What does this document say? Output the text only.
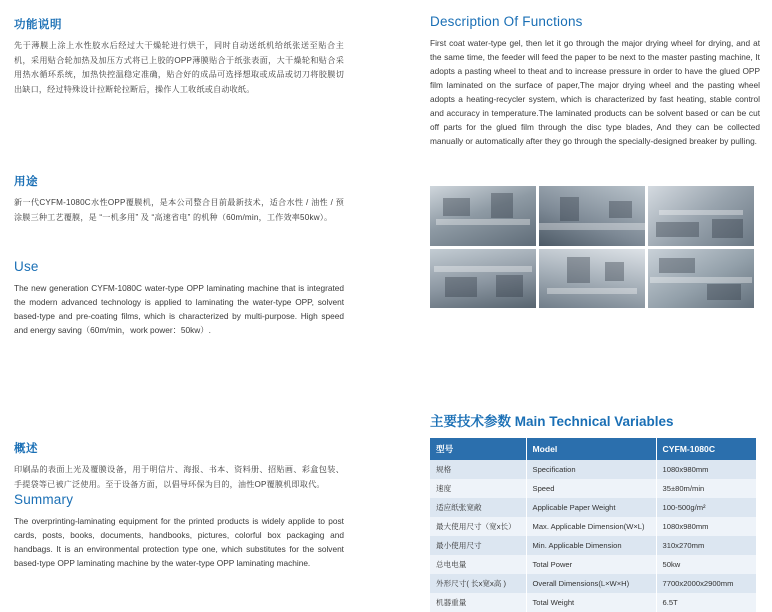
功能说明

先于薄膜上涂上水性胶水后经过大干燥轮进行烘干，同时自动送纸机给纸张送至贴合主机，采用贴合轮加热及加压方式将已上胶的OPP薄膜贴合于纸张表面，大干燥轮和贴合采用热水循环系统，加热快控温稳定准确，贴合好的成品可选择想取或成品或切刀将胶膜切出缺口，经过特殊设计拉断轮拉断后，操作人工收纸或自动收纸。

Description Of Functions

First coat water-type gel, then let it go through the major drying wheel for drying, and at the same time, the feeder will feed the paper to be next to the master pasting machine, It adopts a pasting wheel to theat and to increase pressure in order to have the glued OPP film laminated on the surface of paper,The major drying wheel and the pasting wheel adopts a heating-recycler system, which is characterized by fast heating, stable control and accuracy in temperature.The laminated products can be solvent based or can be cut off parts for the glued film through the disc type blades, And they can be collected manually or automatically after they go through the specially-designed breaker by pulling.

用途

新一代CYFM-1080C水性OPP覆膜机，是本公司整合目前最新技术，适合水性 / 油性 / 预涂膜三种工艺覆膜，是 “一机多用” 及 “高速省电” 的机种（60m/min，工作效率50kw）。

Use

The new generation CYFM-1080C water-type OPP laminating machine that is integrated the modern advanced technology is applied to laminating the water-type OPP, solvent based-type and pre-coating films, which is characterized by multi-purpose. High speed and energy saving（60m/min，work power：50kw）.

概述

印刷品的表面上光及覆膜设备，用于明信片、海报、书本、资料册、招贴画、彩盒包装、手提袋等已被广泛使用。至于设备方面，以倡导环保为目的，油性OP覆膜机即取代。

Summary

The overprinting-laminating equipment for the printed products is widely applide to post cards, posts, books, documents, handbooks, pictures, colorful box packaging and handbags. It is an environmental protection type one, which substitutes for the solvent based-type OPP laminating machine by the water-type OPP laminating machine.

主要技术参数 Main Technical Variables
型号	Model	CYFM-1080C
规格	Specification	1080x980mm
速度	Speed	35±80m/min
适应纸张宽敞	Applicable Paper Weight	100-500g/m²
最大使用尺寸（宽x长）	Max. Applicable Dimension(W×L)	1080x980mm
最小使用尺寸	Min. Applicable Dimension	310x270mm
总电电量	Total Power	50kw
外形尺寸( 长x宽x高 )	Overall Dimensions(L×W×H)	7700x2000x2900mm
机器重量	Total Weight	6.5T
